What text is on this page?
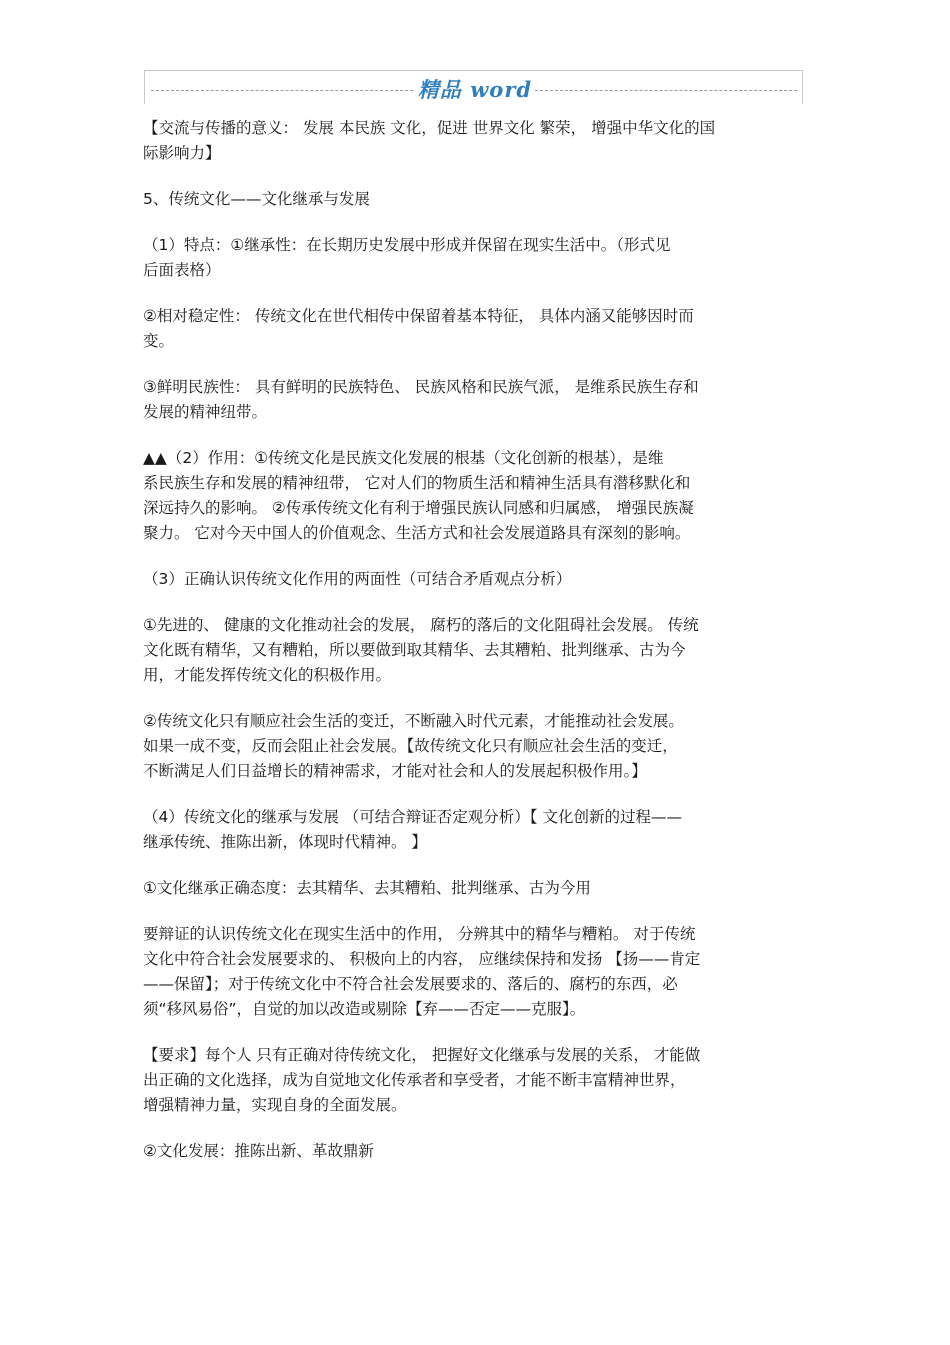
精品 word
【交流与传播的意义： 发展 本民族 文化，促进 世界文化 繁荣， 增强中华文化的国
际影响力】
5、传统文化——文化继承与发展
（1）特点：①继承性：在长期历史发展中形成并保留在现实生活中。（形式见
后面表格）
②相对稳定性： 传统文化在世代相传中保留着基本特征， 具体内涵又能够因时而
变。
③鲜明民族性： 具有鲜明的民族特色、 民族风格和民族气派， 是维系民族生存和
发展的精神纽带。
▲▲（2）作用：①传统文化是民族文化发展的根基（文化创新的根基），是维
系民族生存和发展的精神纽带， 它对人们的物质生活和精神生活具有潜移默化和
深远持久的影响。 ②传承传统文化有利于增强民族认同感和归属感， 增强民族凝
聚力。 它对今天中国人的价值观念、生活方式和社会发展道路具有深刻的影响。
（3）正确认识传统文化作用的两面性（可结合矛盾观点分析）
①先进的、 健康的文化推动社会的发展， 腐朽的落后的文化阻碍社会发展。 传统
文化既有精华，又有糟粕，所以要做到取其精华、去其糟粕、批判继承、古为今
用，才能发挥传统文化的积极作用。
②传统文化只有顺应社会生活的变迁，不断融入时代元素，才能推动社会发展。
如果一成不变，反而会阻止社会发展。【故传统文化只有顺应社会生活的变迁，
不断满足人们日益增长的精神需求，才能对社会和人的发展起积极作用。】
（4）传统文化的继承与发展 （可结合辩证否定观分析）【 文化创新的过程——
继承传统、推陈出新，体现时代精神。 】
①文化继承正确态度：去其精华、去其糟粕、批判继承、古为今用
要辩证的认识传统文化在现实生活中的作用， 分辨其中的精华与糟粕。 对于传统
文化中符合社会发展要求的、 积极向上的内容， 应继续保持和发扬 【扬——肯定
——保留】；对于传统文化中不符合社会发展要求的、落后的、腐朽的东西，必
须“移风易俗”，自觉的加以改造或剔除【弃——否定——克服】。
【要求】每个人 只有正确对待传统文化， 把握好文化继承与发展的关系， 才能做
出正确的文化选择，成为自觉地文化传承者和享受者，才能不断丰富精神世界，
增强精神力量，实现自身的全面发展。
②文化发展：推陈出新、革故鼎新
